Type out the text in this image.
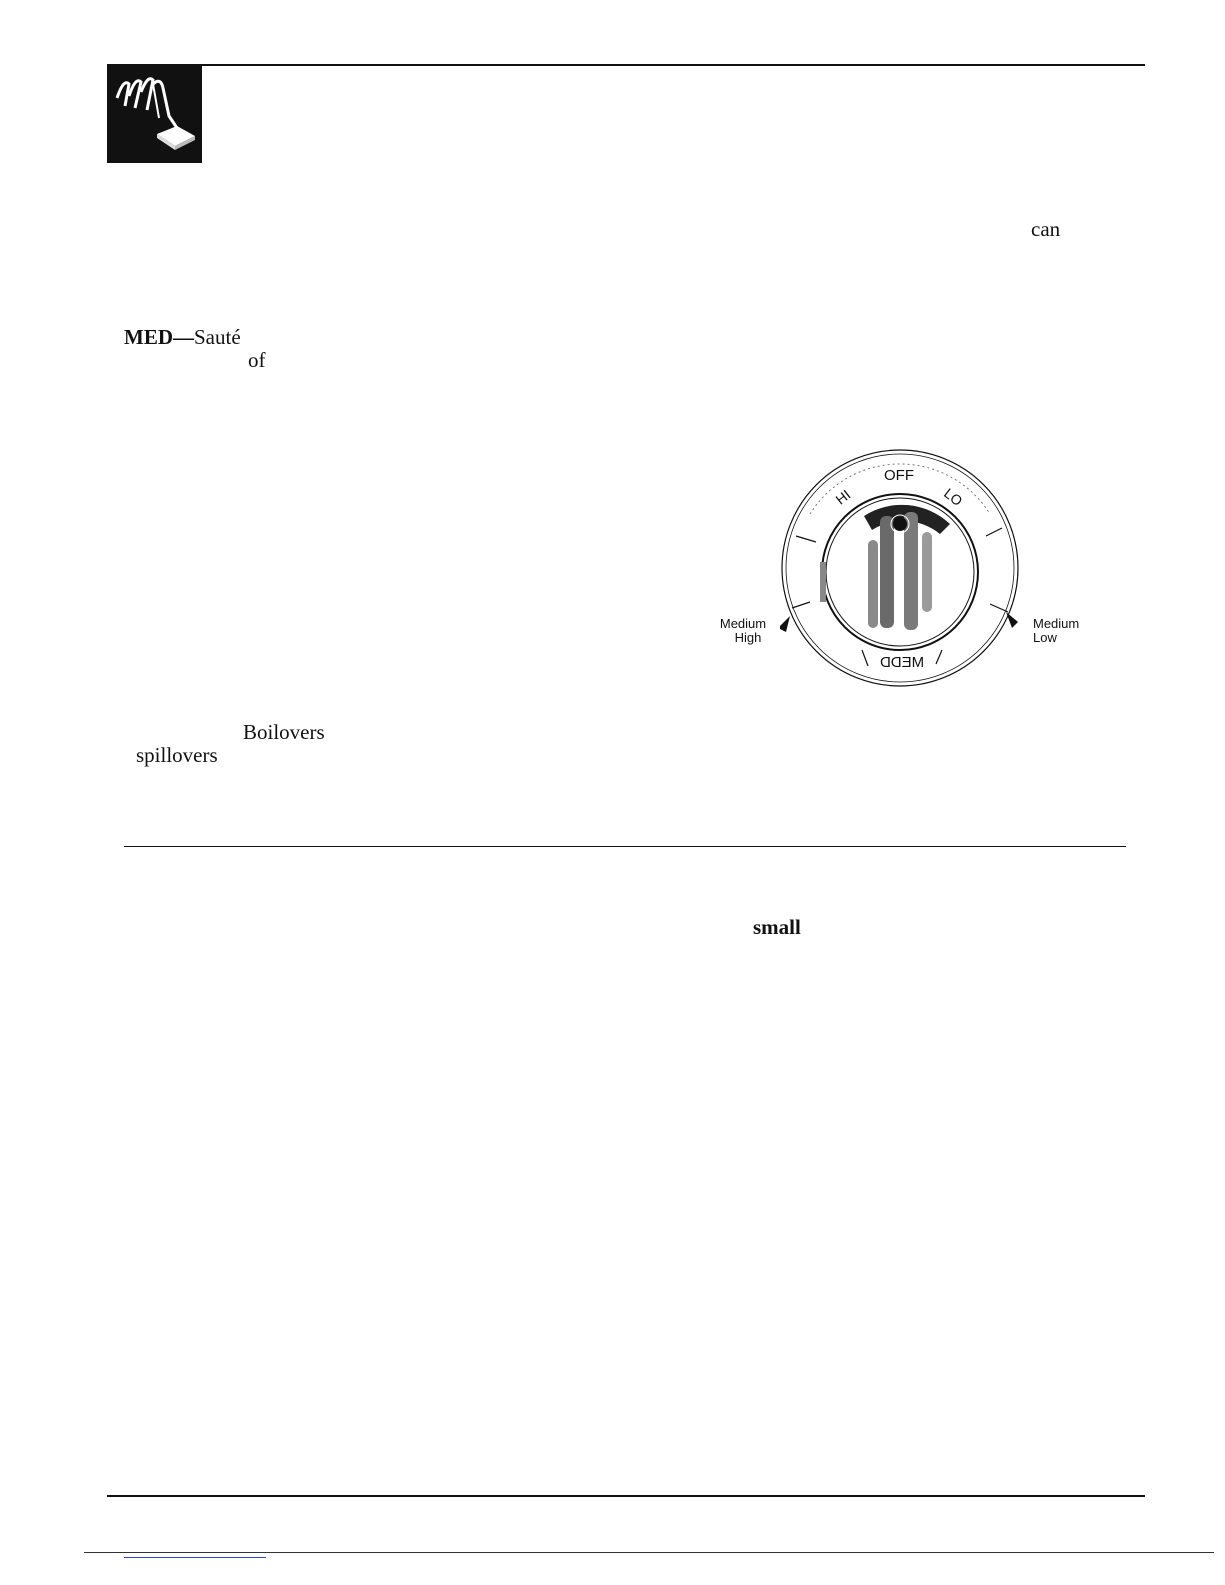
can
MED—Sauté
of
Boilovers
spillovers
small
OFF
HI	LO
MEDD
Medium
High
Medium
Low
